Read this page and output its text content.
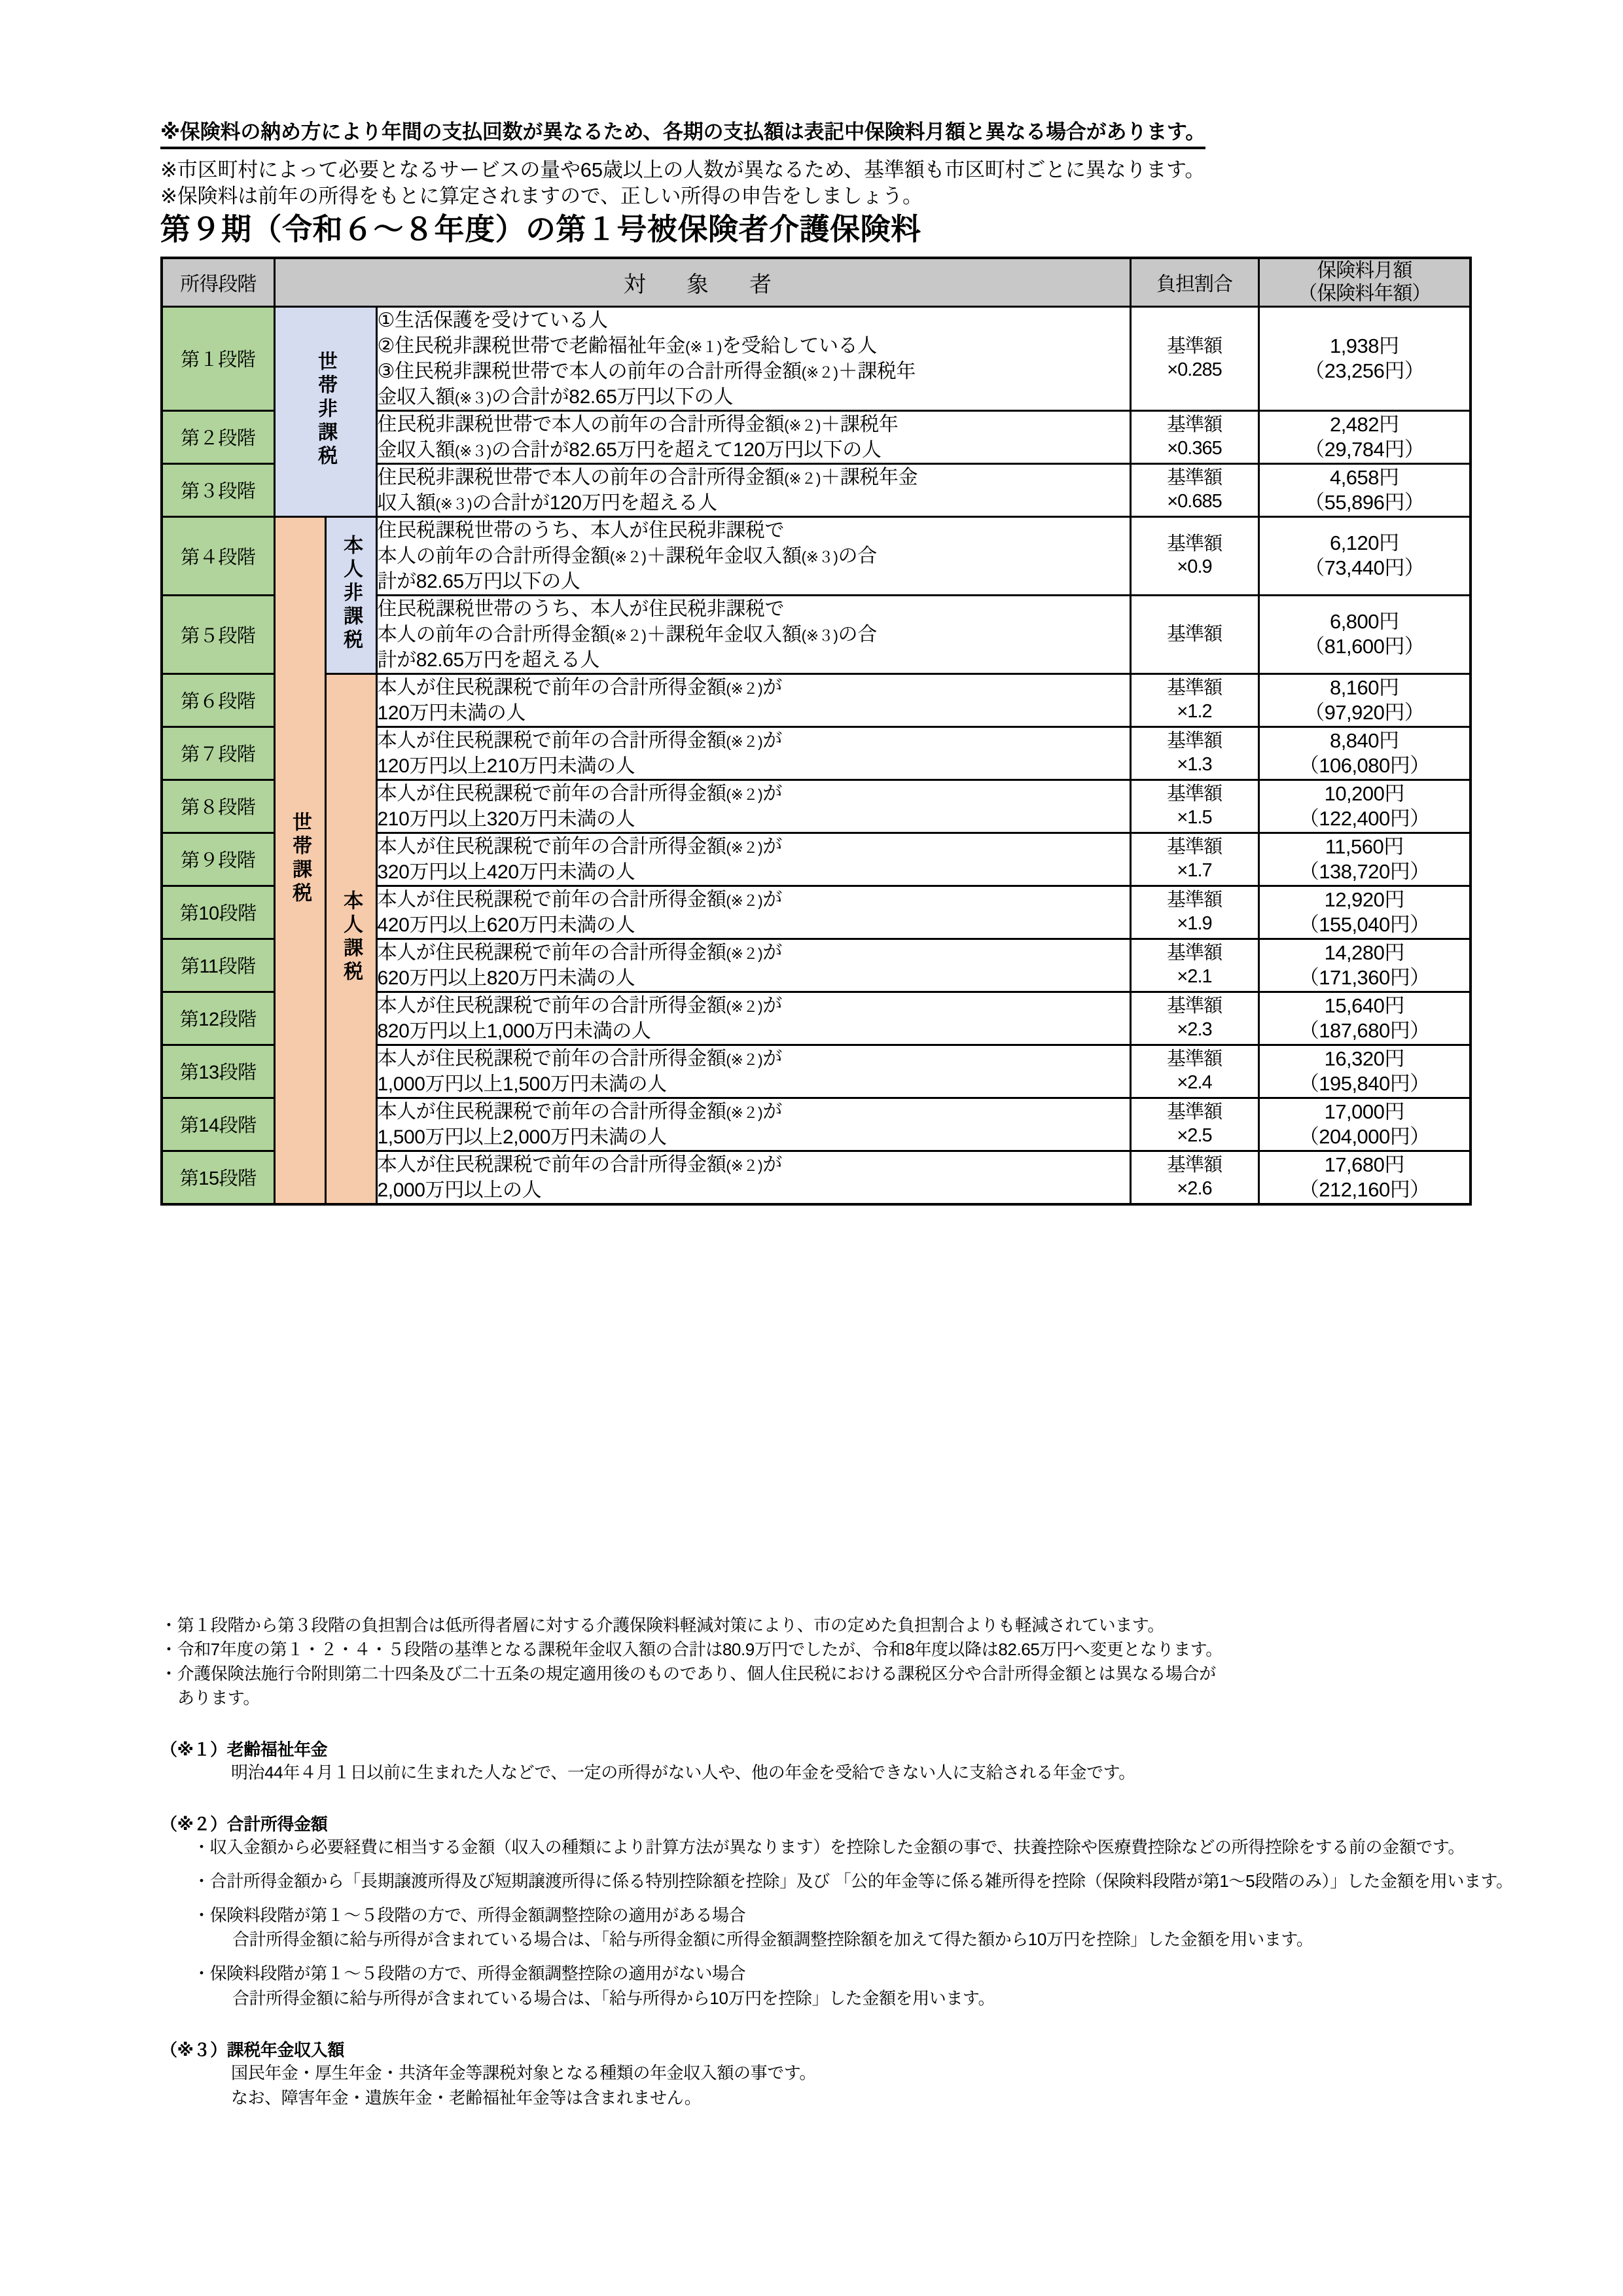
※保険料の納め方により年間の支払回数が異なるため、各期の支払額は表記中保険料月額と異なる場合があります。
※市区町村によって必要となるサービスの量や65歳以上の人数が異なるため、基準額も市区町村ごとに異なります。
※保険料は前年の所得をもとに算定されますので、正しい所得の申告をしましょう。
第９期（令和６～８年度）の第１号被保険者介護保険料
所得段階	対　象　者			負担割合	保険料月額
（保険料年額）

第１段階	世帯非課税	①生活保護を受けている人
②住民税非課税世帯で老齢福祉年金(※１)を受給している人
③住民税非課税世帯で本人の前年の合計所得金額(※２)＋課税年
金収入額(※３)の合計が82.65万円以下の人	
基準額
×0.285

1,938円
（23,256円）

第２段階	住民税非課税世帯で本人の前年の合計所得金額(※２)＋課税年
金収入額(※３)の合計が82.65万円を超えて120万円以下の人	
基準額
×0.365

2,482円
（29,784円）

第３段階	住民税非課税世帯で本人の前年の合計所得金額(※２)＋課税年金
収入額(※３)の合計が120万円を超える人	
基準額
×0.685

4,658円
（55,896円）

第４段階	世帯課税	本人非課税	住民税課税世帯のうち、本人が住民税非課税で
本人の前年の合計所得金額(※２)＋課税年金収入額(※３)の合
計が82.65万円以下の人	
基準額
×0.9

6,120円
（73,440円）

第５段階	住民税課税世帯のうち、本人が住民税非課税で
本人の前年の合計所得金額(※２)＋課税年金収入額(※３)の合
計が82.65万円を超える人	
基準額

6,800円
（81,600円）

第６段階	本人課税	本人が住民税課税で前年の合計所得金額(※２)が
120万円未満の人	
基準額
×1.2

8,160円
（97,920円）

第７段階	本人が住民税課税で前年の合計所得金額(※２)が
120万円以上210万円未満の人	
基準額
×1.3

8,840円
（106,080円）

第８段階	本人が住民税課税で前年の合計所得金額(※２)が
210万円以上320万円未満の人	
基準額
×1.5

10,200円
（122,400円）

第９段階	本人が住民税課税で前年の合計所得金額(※２)が
320万円以上420万円未満の人	
基準額
×1.7

11,560円
（138,720円）

第10段階	本人が住民税課税で前年の合計所得金額(※２)が
420万円以上620万円未満の人	
基準額
×1.9

12,920円
（155,040円）

第11段階	本人が住民税課税で前年の合計所得金額(※２)が
620万円以上820万円未満の人	
基準額
×2.1

14,280円
（171,360円）

第12段階	本人が住民税課税で前年の合計所得金額(※２)が
820万円以上1,000万円未満の人	
基準額
×2.3

15,640円
（187,680円）

第13段階	本人が住民税課税で前年の合計所得金額(※２)が
1,000万円以上1,500万円未満の人	
基準額
×2.4

16,320円
（195,840円）

第14段階	本人が住民税課税で前年の合計所得金額(※２)が
1,500万円以上2,000万円未満の人	
基準額
×2.5

17,000円
（204,000円）

第15段階	本人が住民税課税で前年の合計所得金額(※２)が
2,000万円以上の人	
基準額
×2.6

17,680円
（212,160円）
・第１段階から第３段階の負担割合は低所得者層に対する介護保険料軽減対策により、市の定めた負担割合よりも軽減されています。
・令和7年度の第１・２・４・５段階の基準となる課税年金収入額の合計は80.9万円でしたが、令和8年度以降は82.65万円へ変更となります。
・介護保険法施行令附則第二十四条及び二十五条の規定適用後のものであり、個人住民税における課税区分や合計所得金額とは異なる場合が
あります。
（※１）老齢福祉年金
明治44年４月１日以前に生まれた人などで、一定の所得がない人や、他の年金を受給できない人に支給される年金です。
（※２）合計所得金額
・収入金額から必要経費に相当する金額（収入の種類により計算方法が異なります）を控除した金額の事で、扶養控除や医療費控除などの所得控除をする前の金額です。
・合計所得金額から「長期譲渡所得及び短期譲渡所得に係る特別控除額を控除」及び 「公的年金等に係る雑所得を控除（保険料段階が第1～5段階のみ）」した金額を用います。
・保険料段階が第１～５段階の方で、所得金額調整控除の適用がある場合
合計所得金額に給与所得が含まれている場合は、「給与所得金額に所得金額調整控除額を加えて得た額から10万円を控除」した金額を用います。
・保険料段階が第１～５段階の方で、所得金額調整控除の適用がない場合
合計所得金額に給与所得が含まれている場合は、「給与所得から10万円を控除」した金額を用います。
（※３）課税年金収入額
国民年金・厚生年金・共済年金等課税対象となる種類の年金収入額の事です。
なお、障害年金・遺族年金・老齢福祉年金等は含まれません。
